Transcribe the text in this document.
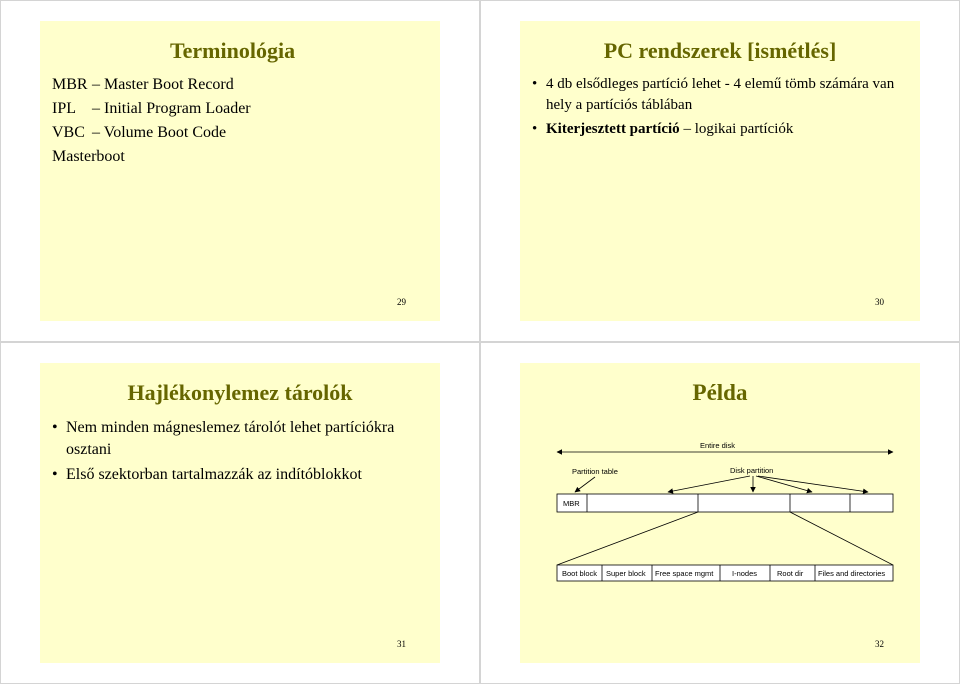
Terminológia
MBR – Master Boot Record
IPL – Initial Program Loader
VBC – Volume Boot Code
Masterboot
29
PC rendszerek [ismétlés]
• 4 db elsődleges partíció lehet - 4 elemű tömb számára van hely a partíciós táblában
• Kiterjesztett partíció – logikai partíciók
30
Hajlékonylemez tárolók
• Nem minden mágneslemez tárolót lehet partíciókra osztani
• Első szektorban tartalmazzák az indítóblokkot
31
Példa
Entire disk
Partition table	Disk partition
MBR
Boot block Super block Free space mgmt I-nodes	Root dir Files and directories
32
